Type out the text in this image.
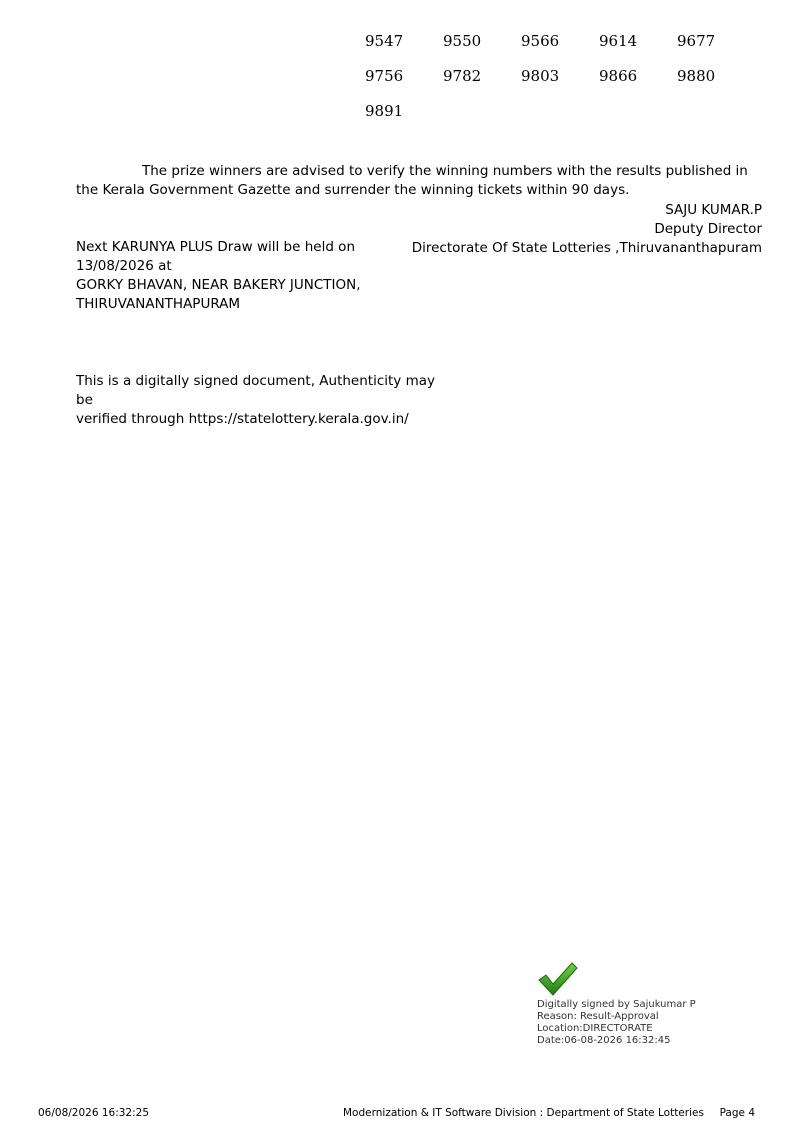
9547	9550	9566	9614	9677
9756	9782	9803	9866	9880
9891
The prize winners are advised to verify the winning numbers with the results published in the Kerala Government Gazette and surrender the winning tickets within 90 days.
SAJU KUMAR.P
Deputy Director
Directorate Of State Lotteries ,Thiruvananthapuram
Next KARUNYA PLUS Draw will be held on 13/08/2026 at
GORKY BHAVAN, NEAR BAKERY JUNCTION,
THIRUVANANTHAPURAM
This is a digitally signed document, Authenticity may be
verified through https://statelottery.kerala.gov.in/
Digitally signed by Sajukumar P
Reason: Result-Approval
Location:DIRECTORATE
Date:06-08-2026 16:32:45
06/08/2026 16:32:25	Modernization & IT Software Division : Department of State Lotteries Page 4
